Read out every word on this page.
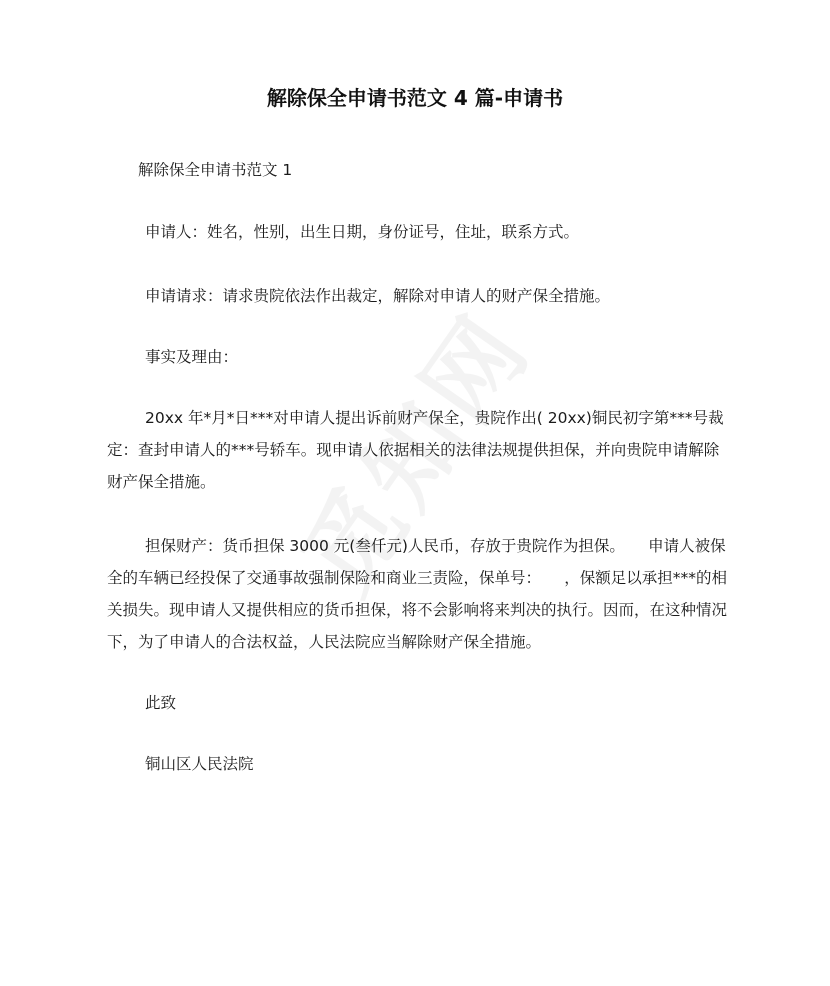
解除保全申请书范文 4 篇-申请书
解除保全申请书范文 1
申请人：姓名，性别，出生日期，身份证号，住址，联系方式。
申请请求：请求贵院依法作出裁定，解除对申请人的财产保全措施。
事实及理由：
20xx 年*月*日***对申请人提出诉前财产保全，贵院作出( 20xx)铜民初字第***号裁定：查封申请人的***号轿车。现申请人依据相关的法律法规提供担保，并向贵院申请解除财产保全措施。
担保财产：货币担保 3000 元(叁仟元)人民币，存放于贵院作为担保。　　申请人被保全的车辆已经投保了交通事故强制保险和商业三责险，保单号：　　，保额足以承担***的相关损失。现申请人又提供相应的货币担保，将不会影响将来判决的执行。因而，在这种情况下，为了申请人的合法权益，人民法院应当解除财产保全措施。
此致
铜山区人民法院
